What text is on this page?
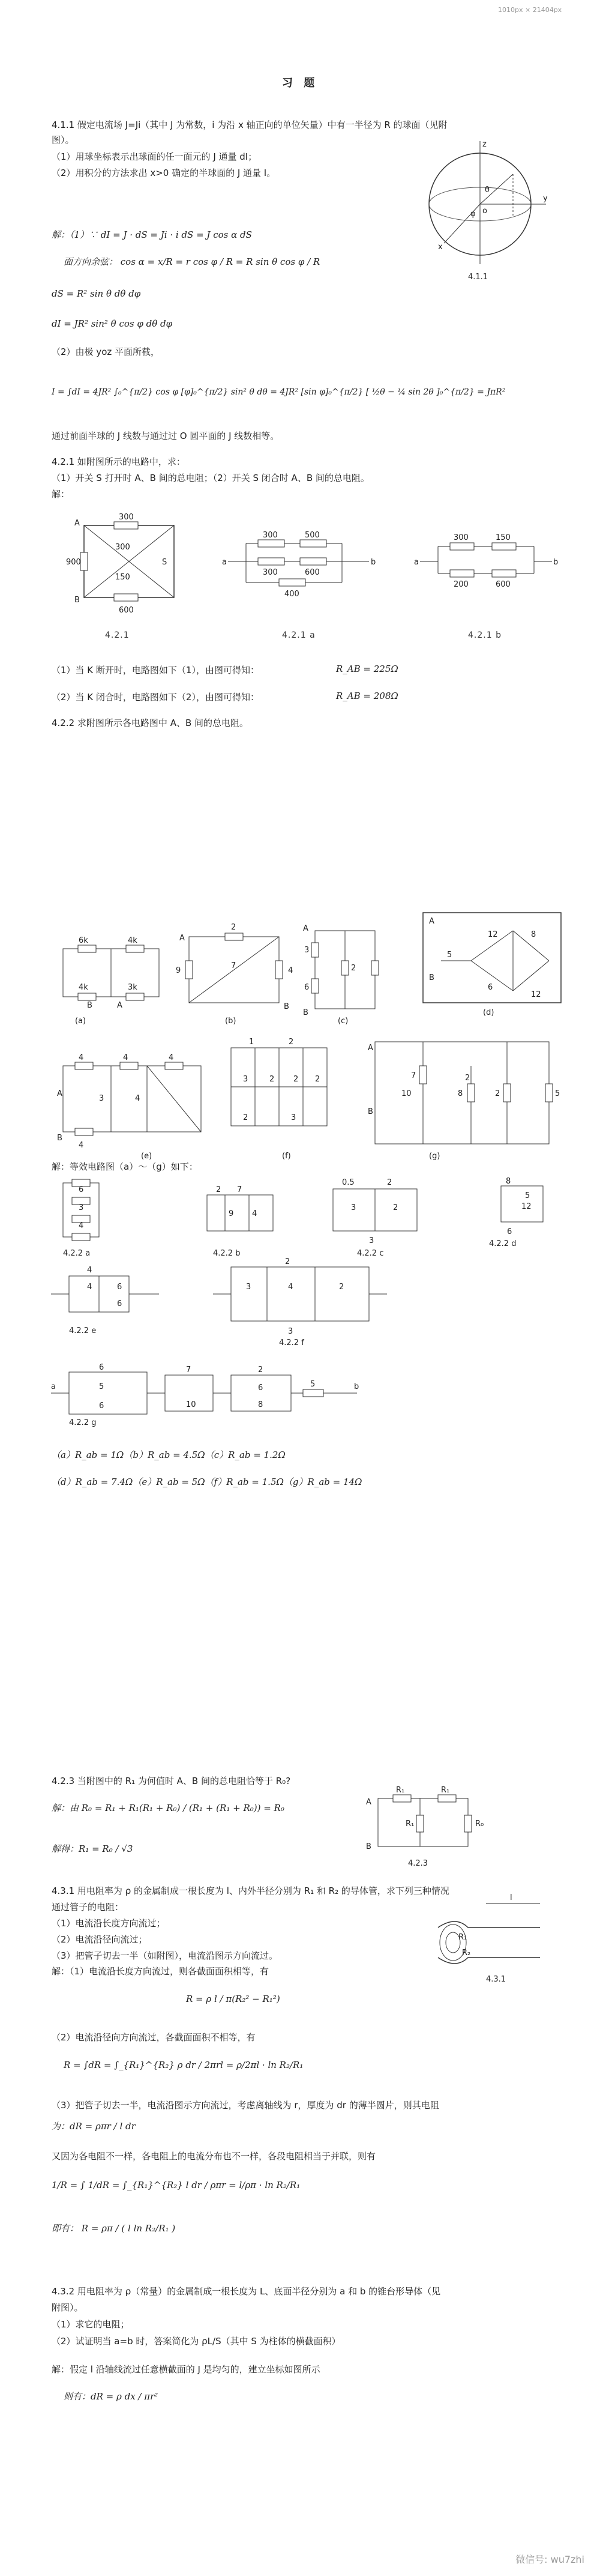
1010px × 21404px
习 题
4.1.1 假定电流场 J=Ji（其中 J 为常数，i 为沿 x 轴正向的单位矢量）中有一半径为 R 的球面（见附
图）。
（1）用球坐标表示出球面的任一面元的 J 通量 dI；
（2）用积分的方法求出 x>0 确定的半球面的 J 通量 I。
解：（1）∵ dI = J · dS = Ji · i dS = J cos α dS
面方向余弦： cos α = x/R = r cos φ / R = R sin θ cos φ / R
dS = R² sin θ dθ dφ
dI = JR² sin² θ cos φ dθ dφ
（2）由极 yoz 平面所截，
I = ∫dI = 4JR² ∫₀^{π/2} cos φ [φ]₀^{π/2} sin² θ dθ = 4JR² [sin φ]₀^{π/2} [ ½θ − ¼ sin 2θ ]₀^{π/2} = JπR²
通过前面半球的 J 线数与通过过 O 圆平面的 J 线数相等。
z
y
x
θ
φ o
4.1.1
4.2.1 如附图所示的电路中，求：
（1）开关 S 打开时 A、B 间的总电阻；（2）开关 S 闭合时 A、B 间的总电阻。
解：
300
300
900
150
600
A
B
S
4.2.1
300	500
300	600
400
a	b
4.2.1 a
300	150
200	600
a	b
4.2.1 b
（1）当 K 断开时，电路图如下（1），由图可得知：	R_AB = 225Ω
（2）当 K 闭合时，电路图如下（2），由图可得知：	R_AB = 208Ω
4.2.2 求附图所示各电路图中 A、B 间的总电阻。
6k	4k
4k	3k
B	A
9	4
2
7
A
B
3
6
2
A
B
A
B
5
12	8
6
12
(a)	(b)	(c)
(d)
4	4	4
4
3	4
A
B
1	2
3	2 2 2
2	3
7
10	8	2	5
2
A
B
(e)	(f)	(g)
解：等效电路图（a）～（g）如下：
6
3
4
2 7
9 4
0.5	2
3	2
3
8
5
12
6
4.2.2 a	4.2.2 b	4.2.2 c
4.2.2 d
4
4	6
6
2
3	4	2
3
4.2.2 e
4.2.2 f
6
5
6
7
10
2
6
8
5
a	b
4.2.2 g
（a）R_ab = 1Ω（b）R_ab = 4.5Ω（c）R_ab = 1.2Ω
（d）R_ab = 7.4Ω（e）R_ab = 5Ω（f）R_ab = 1.5Ω（g）R_ab = 14Ω
4.2.3 当附图中的 R₁ 为何值时 A、B 间的总电阻恰等于 R₀?
解：由 R₀ = R₁ + R₁(R₁ + R₀) / (R₁ + (R₁ + R₀)) = R₀
解得：R₁ = R₀ / √3
A
B
R₁	R₁
R₁	R₀
4.2.3
4.3.1 用电阻率为 ρ 的金属制成一根长度为 l、内外半径分别为 R₁ 和 R₂ 的导体管，求下列三种情况
通过管子的电阻：
（1）电流沿长度方向流过；
（2）电流沿径向流过；
（3）把管子切去一半（如附图），电流沿图示方向流过。
解：（1）电流沿长度方向流过，则各截面面积相等，有
R = ρ l / π(R₂² − R₁²)
（2）电流沿径向方向流过，各截面面积不相等，有
R = ∫dR = ∫_{R₁}^{R₂} ρ dr / 2πrl = ρ/2πl · ln R₂/R₁
（3）把管子切去一半，电流沿图示方向流过，考虑离轴线为 r，厚度为 dr 的薄半圆片，则其电阻
为：dR = ρπr / l dr
又因为各电阻不一样，各电阻上的电流分布也不一样，各段电阻相当于并联，则有
1/R = ∫ 1/dR = ∫_{R₁}^{R₂} l dr / ρπr = l/ρπ · ln R₂/R₁
即有： R = ρπ / ( l ln R₂/R₁ )
l
R₁
R₂
4.3.1
4.3.2 用电阻率为 ρ（常量）的金属制成一根长度为 L、底面半径分别为 a 和 b 的锥台形导体（见
附图）。
（1）求它的电阻；
（2）试证明当 a=b 时，答案简化为 ρL/S（其中 S 为柱体的横截面积）
解：假定 l 沿轴线流过任意横截面的 J 是均匀的，建立坐标如图所示
则有：dR = ρ dx / πr²
微信号: wu7zhi
